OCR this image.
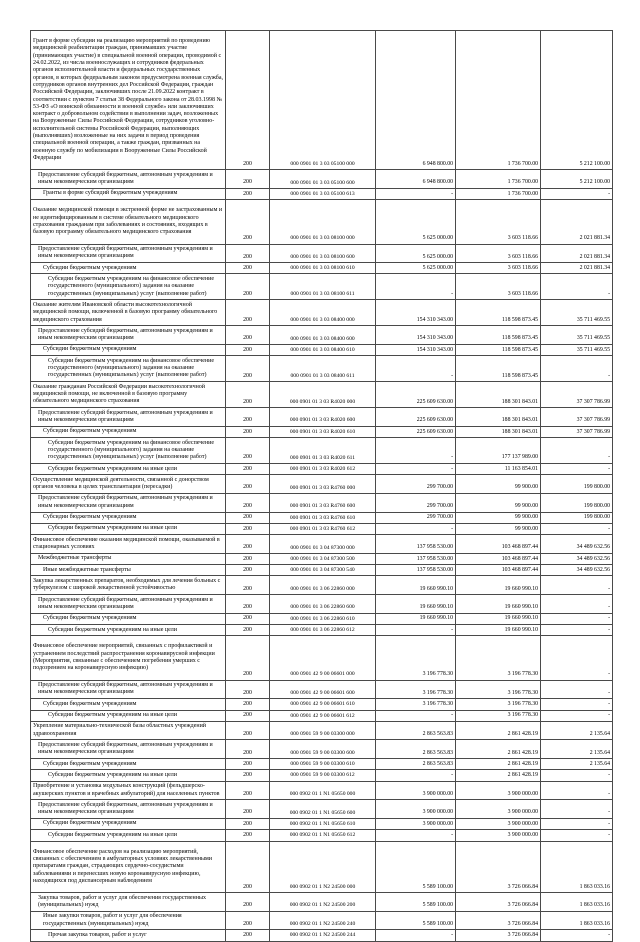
Грант в форме субсидии на реализацию мероприятий по проведению медицинской реабилитации граждан, принимавших участие (принимающих участие) в специальной военной операции, проводимой с 24.02.2022, из числа военнослужащих и сотрудников федеральных органов исполнительной власти и федеральных государственных органов, в которых федеральным законом предусмотрена военная служба, сотрудников органов внутренних дел Российской Федерации, граждан Российской Федерации, заключивших после 21.09.2022 контракт в соответствии с пунктом 7 статьи 38 Федерального закона от 28.03.1998 № 53-ФЗ «О воинской обязанности и военной службе» или заключивших контракт о добровольном содействии в выполнении задач, возложенных на Вооруженные Силы Российской Федерации, сотрудников уголовно-исполнительной системы Российской Федерации, выполняющих (выполнявших) возложенные на них задачи в период проведения специальной военной операции, а также граждан, призванных на военную службу по мобилизации в Вооруженные Силы Российской Федерации	200	000 0901 01 3 03 05100 000	6 948 800.00	1 736 700.00	5 212 100.00
Предоставление субсидий бюджетным, автономным учреждениям и иным некоммерческим организациям	200	000 0901 01 3 03 05100 600	6 948 800.00	1 736 700.00	5 212 100.00
Гранты в форме субсидий бюджетным учреждениям	200	000 0901 01 3 03 05100 613	-	1 736 700.00	-
Оказание медицинской помощи в экстренной форме не застрахованным и не идентифицированным в системе обязательного медицинского страхования гражданам при заболеваниях и состояниях, входящих в базовую программу обязательного медицинского страхования	200	000 0901 01 3 03 08100 000	5 625 000.00	3 603 118.66	2 021 881.34
Предоставление субсидий бюджетным, автономным учреждениям и иным некоммерческим организациям	200	000 0901 01 3 03 08100 600	5 625 000.00	3 603 118.66	2 021 881.34
Субсидии бюджетным учреждениям	200	000 0901 01 3 03 08100 610	5 625 000.00	3 603 118.66	2 021 881.34
Субсидии бюджетным учреждениям на финансовое обеспечение государственного (муниципального) задания на оказание государственных (муниципальных) услуг (выполнение работ)	200	000 0901 01 3 03 08100 611	-	3 603 118.66	-
Оказание жителям Ивановской области высокотехнологичной медицинской помощи, включенной в базовую программу обязательного медицинского страхования	200	000 0901 01 3 03 08400 000	154 310 343.00	118 598 873.45	35 711 469.55
Предоставление субсидий бюджетным, автономным учреждениям и иным некоммерческим организациям	200	000 0901 01 3 03 08400 600	154 310 343.00	118 598 873.45	35 711 469.55
Субсидии бюджетным учреждениям	200	000 0901 01 3 03 08400 610	154 310 343.00	118 598 873.45	35 711 469.55
Субсидии бюджетным учреждениям на финансовое обеспечение государственного (муниципального) задания на оказание государственных (муниципальных) услуг (выполнение работ)	200	000 0901 01 3 03 08400 611	-	118 598 873.45	-
Оказание гражданам Российской Федерации высокотехнологичной медицинской помощи, не включенной в базовую программу обязательного медицинского страхования	200	000 0901 01 3 03 R4020 000	225 609 630.00	188 301 843.01	37 307 786.99
Предоставление субсидий бюджетным, автономным учреждениям и иным некоммерческим организациям	200	000 0901 01 3 03 R4020 600	225 609 630.00	188 301 843.01	37 307 786.99
Субсидии бюджетным учреждениям	200	000 0901 01 3 03 R4020 610	225 609 630.00	188 301 843.01	37 307 786.99
Субсидии бюджетным учреждениям на финансовое обеспечение государственного (муниципального) задания на оказание государственных (муниципальных) услуг (выполнение работ)	200	000 0901 01 3 03 R4020 611	-	177 137 989.00	-
Субсидии бюджетным учреждениям на иные цели	200	000 0901 01 3 03 R4020 612	-	11 163 854.01	-
Осуществление медицинской деятельности, связанной с донорством органов человека в целях трансплантации (пересадки)	200	000 0901 01 3 03 R4760 000	299 700.00	99 900.00	199 800.00
Предоставление субсидий бюджетным, автономным учреждениям и иным некоммерческим организациям	200	000 0901 01 3 03 R4760 600	299 700.00	99 900.00	199 800.00
Субсидии бюджетным учреждениям	200	000 0901 01 3 03 R4760 610	299 700.00	99 900.00	199 800.00
Субсидии бюджетным учреждениям на иные цели	200	000 0901 01 3 03 R4760 612	-	99 900.00	-
Финансовое обеспечение оказания медицинской помощи, оказываемой в стационарных условиях	200	000 0901 01 3 04 87300 000	137 958 530.00	103 468 897.44	34 489 632.56
Межбюджетные трансферты	200	000 0901 01 3 04 87300 500	137 958 530.00	103 468 897.44	34 489 632.56
Иные межбюджетные трансферты	200	000 0901 01 3 04 87300 540	137 958 530.00	103 468 897.44	34 489 632.56
Закупка лекарственных препаратов, необходимых для лечения больных с туберкулезом с широкой лекарственной устойчивостью	200	000 0901 01 3 06 22860 000	19 660 990.10	19 660 990.10	-
Предоставление субсидий бюджетным, автономным учреждениям и иным некоммерческим организациям	200	000 0901 01 3 06 22860 600	19 660 990.10	19 660 990.10	-
Субсидии бюджетным учреждениям	200	000 0901 01 3 06 22860 610	19 660 990.10	19 660 990.10	-
Субсидии бюджетным учреждениям на иные цели	200	000 0901 01 3 06 22860 612	-	19 660 990.10	-
Финансовое обеспечение мероприятий, связанных с профилактикой и устранением последствий распространения коронавирусной инфекции (Мероприятия, связанные с обеспечением погребения умерших с подозрением на коронавирусную инфекцию)	200	000 0901 42 9 00 06601 000	3 196 778.30	3 196 778.30	-
Предоставление субсидий бюджетным, автономным учреждениям и иным некоммерческим организациям	200	000 0901 42 9 00 06601 600	3 196 778.30	3 196 778.30	-
Субсидии бюджетным учреждениям	200	000 0901 42 9 00 06601 610	3 196 778.30	3 196 778.30	-
Субсидии бюджетным учреждениям на иные цели	200	000 0901 42 9 00 06601 612	-	3 196 778.30	-
Укрепление материально-технической базы областных учреждений здравоохранения	200	000 0901 59 9 00 03300 000	2 863 563.83	2 861 428.19	2 135.64
Предоставление субсидий бюджетным, автономным учреждениям и иным некоммерческим организациям	200	000 0901 59 9 00 03300 600	2 863 563.83	2 861 428.19	2 135.64
Субсидии бюджетным учреждениям	200	000 0901 59 9 00 03300 610	2 863 563.83	2 861 428.19	2 135.64
Субсидии бюджетным учреждениям на иные цели	200	000 0901 59 9 00 03300 612	-	2 861 428.19	-
Приобретение и установка модульных конструкций (фельдшерско-акушерских пунктов и врачебных амбулаторий) для населенных пунктов	200	000 0902 01 1 N1 05650 000	3 900 000.00	3 900 000.00	-
Предоставление субсидий бюджетным, автономным учреждениям и иным некоммерческим организациям	200	000 0902 01 1 N1 05650 600	3 900 000.00	3 900 000.00	-
Субсидии бюджетным учреждениям	200	000 0902 01 1 N1 05650 610	3 900 000.00	3 900 000.00	-
Субсидии бюджетным учреждениям на иные цели	200	000 0902 01 1 N1 05650 612	-	3 900 000.00	-
Финансовое обеспечение расходов на реализацию мероприятий, связанных с обеспечением в амбулаторных условиях лекарственными препаратами граждан, страдающих сердечно-сосудистыми заболеваниями и перенесших новую коронавирусную инфекцию, находящихся под диспансерным наблюдением	200	000 0902 01 1 N2 24500 000	5 589 100.00	3 726 066.84	1 863 033.16
Закупка товаров, работ и услуг для обеспечения государственных (муниципальных) нужд	200	000 0902 01 1 N2 24500 200	5 589 100.00	3 726 066.84	1 863 033.16
Иные закупки товаров, работ и услуг для обеспечения государственных (муниципальных) нужд	200	000 0902 01 1 N2 24500 240	5 589 100.00	3 726 066.84	1 863 033.16
Прочая закупка товаров, работ и услуг	200	000 0902 01 1 N2 24500 244	-	3 726 066.84	-
